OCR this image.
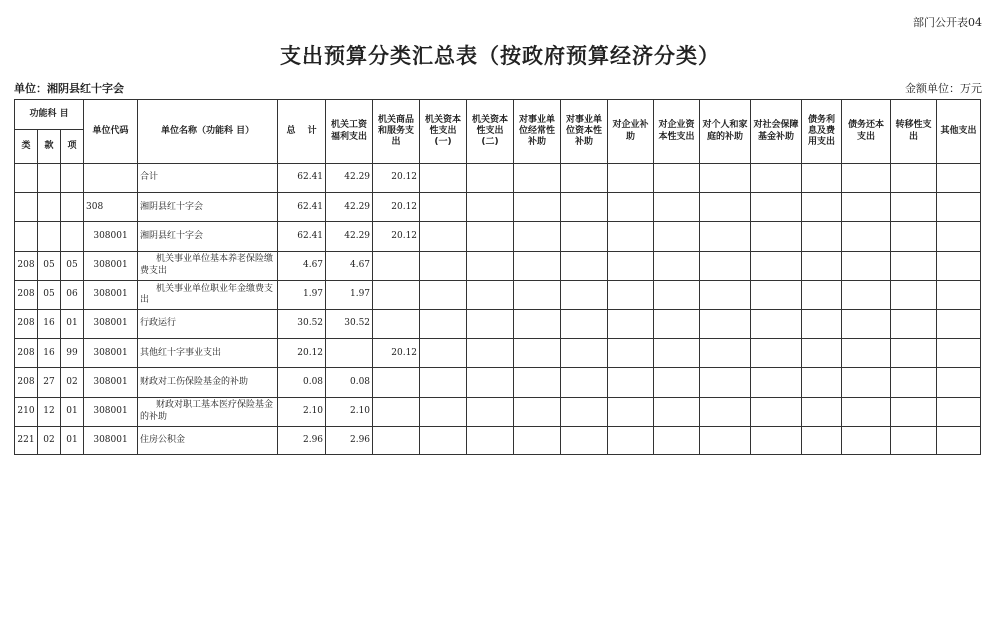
部门公开表04
支出预算分类汇总表（按政府预算经济分类）
单位：湘阴县红十字会	金额单位：万元
功能科 目			单位代码	单位名称（功能科 目）	总　 计	机关工资福利支出	机关商品和服务支出	机关资本性支出(一)	机关资本性支出(二)	对事业单位经常性补助	对事业单位资本性补助	对企业补助	对企业资本性支出	对个人和家庭的补助	对社会保障基金补助	债务利息及费用支出	债务还本支出	转移性支出	其他支出
类	款	项																	
				合计	62.41	42.29	20.12												
			308	湘阴县红十字会	62.41	42.29	20.12												
			308001	湘阴县红十字会	62.41	42.29	20.12												
208	05	05	308001	机关事业单位基本养老保险缴费支出	4.67	4.67													
208	05	06	308001	机关事业单位职业年金缴费支出	1.97	1.97													
208	16	01	308001	行政运行	30.52	30.52													
208	16	99	308001	其他红十字事业支出	20.12		20.12												
208	27	02	308001	财政对工伤保险基金的补助	0.08	0.08													
210	12	01	308001	财政对职工基本医疗保险基金的补助	2.10	2.10													
221	02	01	308001	住房公积金	2.96	2.96													
